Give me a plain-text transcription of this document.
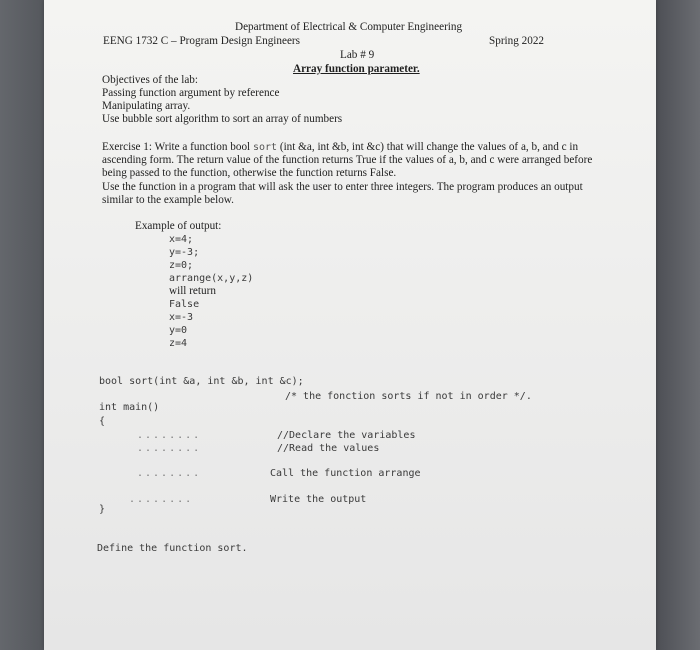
Department of Electrical & Computer Engineering
EENG 1732 C – Program Design Engineers	Spring 2022
Lab # 9
Array function parameter.
Objectives of the lab:
Passing function argument by reference
Manipulating array.
Use bubble sort algorithm to sort an array of numbers
Exercise 1: Write a function bool sort (int &a, int &b, int &c) that will change the values of a, b, and c in
ascending form. The return value of the function returns True if the values of a, b, and c were arranged before
being passed to the function, otherwise the function returns False.
Use the function in a program that will ask the user to enter three integers. The program produces an output
similar to the example below.
Example of output:
x=4;
y=-3;
z=0;
arrange(x,y,z)
will return
False
x=-3
y=0
z=4
bool sort(int &a, int &b, int &c);
/* the fonction sorts if not in order */.
int main()
{
........	//Declare the variables
........	//Read the values
........	Call the function arrange
........	Write the output
}
Define the function sort.
